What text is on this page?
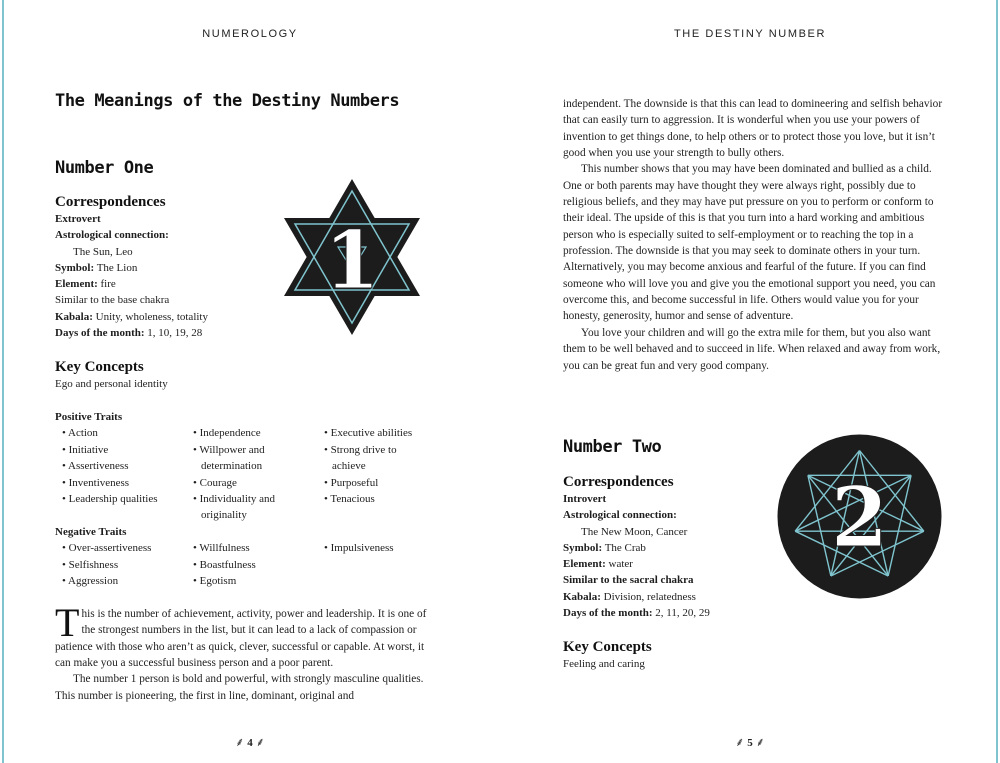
NUMEROLOGY
The Meanings of the Destiny Numbers
Number One
Correspondences
Extrovert
Astrological connection:
The Sun, Leo
Symbol: The Lion
Element: fire
Similar to the base chakra
Kabala: Unity, wholeness, totality
Days of the month: 1, 10, 19, 28
1
Key Concepts
Ego and personal identity
Positive Traits
• Action
• Initiative
• Assertiveness
• Inventiveness
• Leadership qualities
• Independence
• Willpower and determination
• Courage
• Individuality and originality
• Executive abilities
• Strong drive to achieve
• Purposeful
• Tenacious
Negative Traits
• Over-assertiveness
• Selfishness
• Aggression
• Willfulness
• Boastfulness
• Egotism
• Impulsiveness

This is the number of achievement, activity, power and leadership. It is one of the strongest numbers in the list, but it can lead to a lack of compassion or patience with those who aren’t as quick, clever, successful or capable. At worst, it can make you a successful business person and a poor parent.

The number 1 person is bold and powerful, with strongly masculine qualities. This number is pioneering, the first in line, dominant, original and

⸙ 4 ⸙
THE DESTINY NUMBER

independent. The downside is that this can lead to domineering and selfish behavior that can easily turn to aggression. It is wonderful when you use your powers of invention to get things done, to help others or to protect those you love, but it isn’t good when you use your strength to bully others.

This number shows that you may have been dominated and bullied as a child. One or both parents may have thought they were always right, possibly due to religious beliefs, and they may have put pressure on you to perform or conform to their ideal. The upside of this is that you turn into a hard working and ambitious person who is especially suited to self-employment or to reaching the top in a profession. The downside is that you may seek to dominate others in your turn. Alternatively, you may become anxious and fearful of the future. If you can find someone who will love you and give you the emotional support you need, you can overcome this, and become successful in life. Others would value you for your honesty, generosity, humor and sense of adventure.

You love your children and will go the extra mile for them, but you also want them to be well behaved and to succeed in life. When relaxed and away from work, you can be great fun and very good company.

Number Two
Correspondences
Introvert
Astrological connection:
The New Moon, Cancer
Symbol: The Crab
Element: water
Similar to the sacral chakra
Kabala: Division, relatedness
Days of the month: 2, 11, 20, 29
2
Key Concepts
Feeling and caring
⸙ 5 ⸙
